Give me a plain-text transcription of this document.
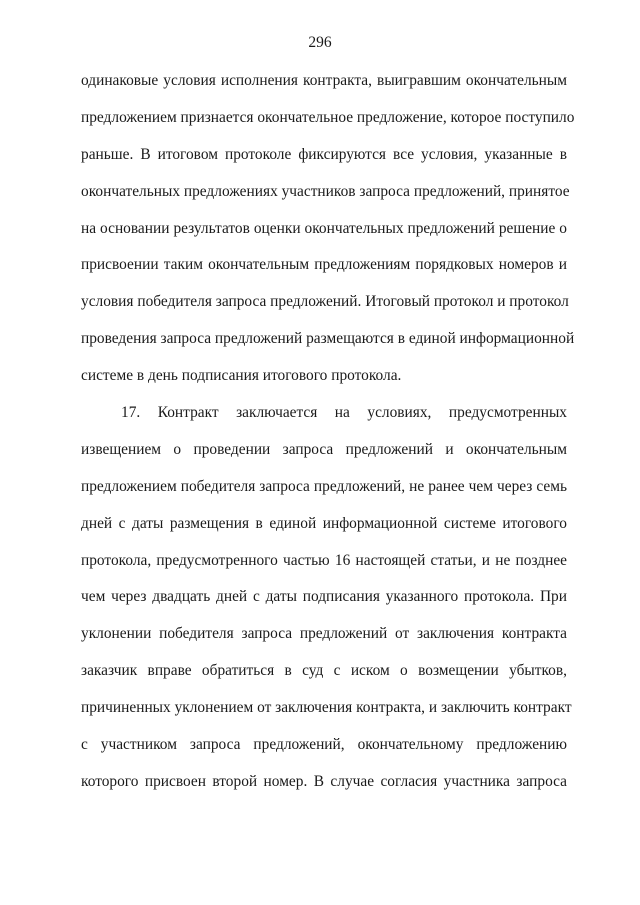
296
одинаковые условия исполнения контракта, выигравшим окончательным
предложением признается окончательное предложение, которое поступило
раньше. В итоговом протоколе фиксируются все условия, указанные в
окончательных предложениях участников запроса предложений, принятое
на основании результатов оценки окончательных предложений решение о
присвоении таким окончательным предложениям порядковых номеров и
условия победителя запроса предложений. Итоговый протокол и протокол
проведения запроса предложений размещаются в единой информационной
системе в день подписания итогового протокола.
17. Контракт заключается на условиях, предусмотренных
извещением о проведении запроса предложений и окончательным
предложением победителя запроса предложений, не ранее чем через семь
дней с даты размещения в единой информационной системе итогового
протокола, предусмотренного частью 16 настоящей статьи, и не позднее
чем через двадцать дней с даты подписания указанного протокола. При
уклонении победителя запроса предложений от заключения контракта
заказчик вправе обратиться в суд с иском о возмещении убытков,
причиненных уклонением от заключения контракта, и заключить контракт
с участником запроса предложений, окончательному предложению
которого присвоен второй номер. В случае согласия участника запроса
